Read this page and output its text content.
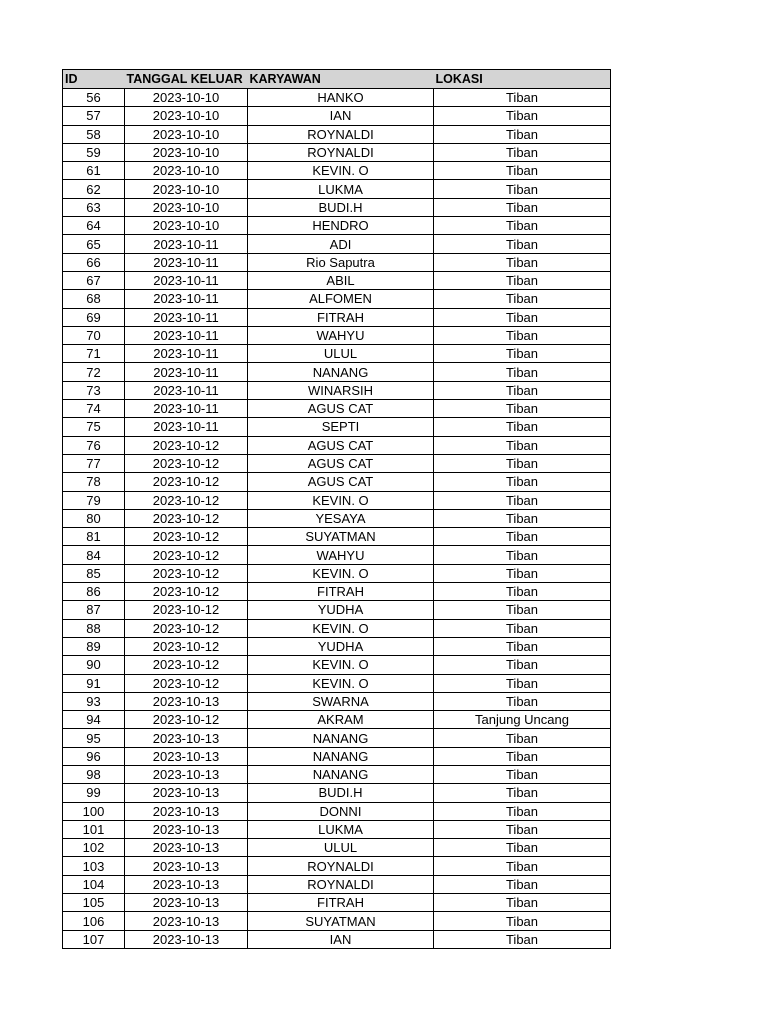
ID	TANGGAL KELUAR	KARYAWAN	LOKASI
56	2023-10-10	HANKO	Tiban
57	2023-10-10	IAN	Tiban
58	2023-10-10	ROYNALDI	Tiban
59	2023-10-10	ROYNALDI	Tiban
61	2023-10-10	KEVIN. O	Tiban
62	2023-10-10	LUKMA	Tiban
63	2023-10-10	BUDI.H	Tiban
64	2023-10-10	HENDRO	Tiban
65	2023-10-11	ADI	Tiban
66	2023-10-11	Rio Saputra	Tiban
67	2023-10-11	ABIL	Tiban
68	2023-10-11	ALFOMEN	Tiban
69	2023-10-11	FITRAH	Tiban
70	2023-10-11	WAHYU	Tiban
71	2023-10-11	ULUL	Tiban
72	2023-10-11	NANANG	Tiban
73	2023-10-11	WINARSIH	Tiban
74	2023-10-11	AGUS CAT	Tiban
75	2023-10-11	SEPTI	Tiban
76	2023-10-12	AGUS CAT	Tiban
77	2023-10-12	AGUS CAT	Tiban
78	2023-10-12	AGUS CAT	Tiban
79	2023-10-12	KEVIN. O	Tiban
80	2023-10-12	YESAYA	Tiban
81	2023-10-12	SUYATMAN	Tiban
84	2023-10-12	WAHYU	Tiban
85	2023-10-12	KEVIN. O	Tiban
86	2023-10-12	FITRAH	Tiban
87	2023-10-12	YUDHA	Tiban
88	2023-10-12	KEVIN. O	Tiban
89	2023-10-12	YUDHA	Tiban
90	2023-10-12	KEVIN. O	Tiban
91	2023-10-12	KEVIN. O	Tiban
93	2023-10-13	SWARNA	Tiban
94	2023-10-12	AKRAM	Tanjung Uncang
95	2023-10-13	NANANG	Tiban
96	2023-10-13	NANANG	Tiban
98	2023-10-13	NANANG	Tiban
99	2023-10-13	BUDI.H	Tiban
100	2023-10-13	DONNI	Tiban
101	2023-10-13	LUKMA	Tiban
102	2023-10-13	ULUL	Tiban
103	2023-10-13	ROYNALDI	Tiban
104	2023-10-13	ROYNALDI	Tiban
105	2023-10-13	FITRAH	Tiban
106	2023-10-13	SUYATMAN	Tiban
107	2023-10-13	IAN	Tiban
